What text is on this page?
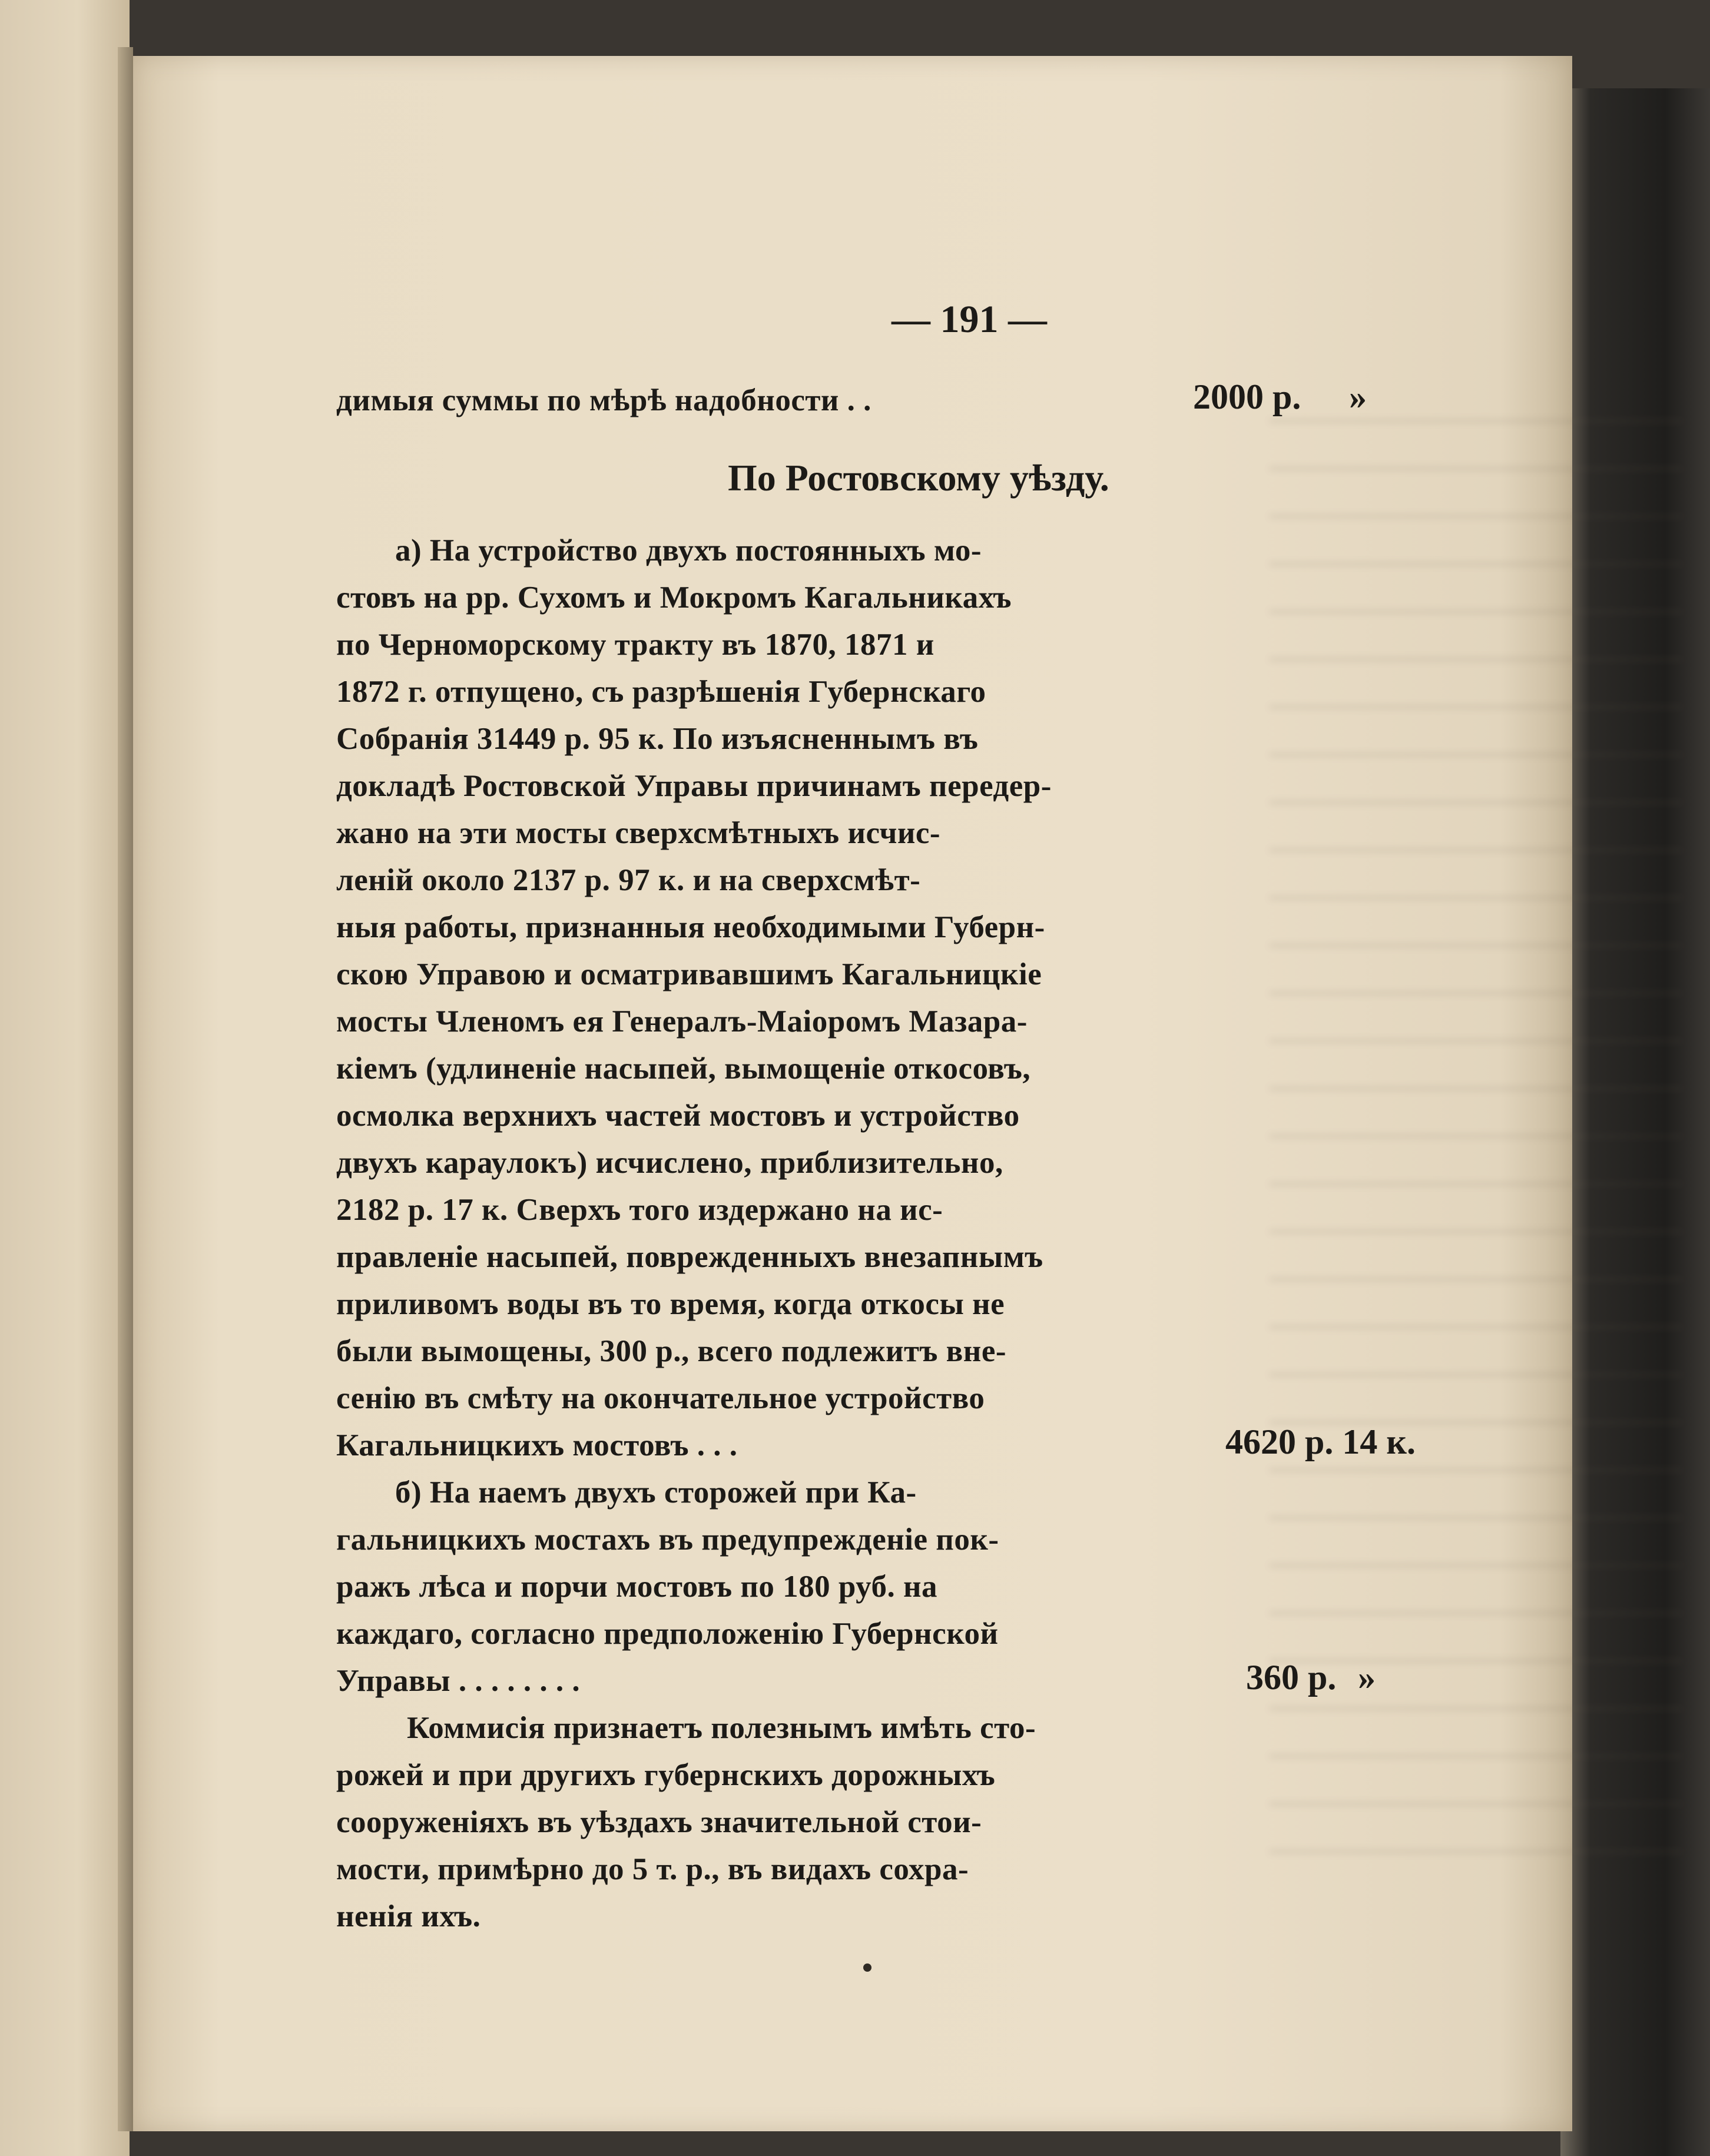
— 191 —
димыя суммы по мѣрѣ надобности . .	2000 р. »
По Ростовскому уѣзду.
а) На устройство двухъ постоянныхъ мо-
стовъ на рр. Сухомъ и Мокромъ Кагальникахъ
по Черноморскому тракту въ 1870, 1871 и
1872 г. отпущено, съ разрѣшенія Губернскаго
Собранія 31449 р. 95 к. По изъясненнымъ въ
докладѣ Ростовской Управы причинамъ передер-
жано на эти мосты сверхсмѣтныхъ исчис-
леній около 2137 р. 97 к. и на сверхсмѣт-
ныя работы, признанныя необходимыми Губерн-
скою Управою и осматривавшимъ Кагальницкіе
мосты Членомъ ея Генералъ-Маіоромъ Мазара-
кіемъ (удлиненіе насыпей, вымощеніе откосовъ,
осмолка верхнихъ частей мостовъ и устройство
двухъ караулокъ) исчислено, приблизительно,
2182 р. 17 к. Сверхъ того издержано на ис-
правленіе насыпей, поврежденныхъ внезапнымъ
приливомъ воды въ то время, когда откосы не
были вымощены, 300 р., всего подлежитъ внe-
сенію въ смѣту на окончательное устройство
Кагальницкихъ мостовъ . . .	4620 р. 14 к.
б) На наемъ двухъ сторожей при Ка-
гальницкихъ мостахъ въ предупрежденіе пок-
ражъ лѣса и порчи мостовъ по 180 руб. на
каждаго, согласно предположенію Губернской
Управы . . . . . . . .	360 р. »
Коммисія признаетъ полезнымъ имѣть сто-
рожей и при другихъ губернскихъ дорожныхъ
сооруженіяхъ въ уѣздахъ значительной стои-
мости, примѣрно до 5 т. р., въ видахъ сохра-
ненія ихъ.
